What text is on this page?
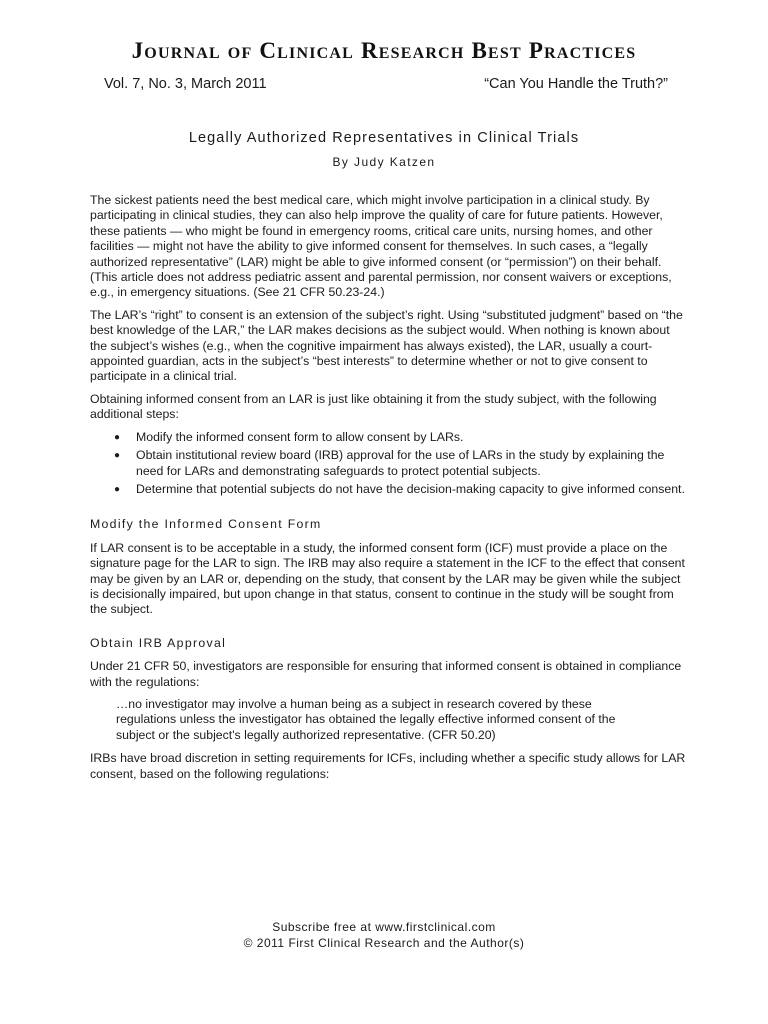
Journal of Clinical Research Best Practices
Vol. 7, No. 3, March 2011	“Can You Handle the Truth?”
Legally Authorized Representatives in Clinical Trials
By Judy Katzen

The sickest patients need the best medical care, which might involve participation in a clinical study. By participating in clinical studies, they can also help improve the quality of care for future patients. However, these patients — who might be found in emergency rooms, critical care units, nursing homes, and other facilities — might not have the ability to give informed consent for themselves. In such cases, a “legally authorized representative” (LAR) might be able to give informed consent (or “permission”) on their behalf. (This article does not address pediatric assent and parental permission, nor consent waivers or exceptions, e.g., in emergency situations. (See 21 CFR 50.23-24.)

The LAR’s “right” to consent is an extension of the subject’s right. Using “substituted judgment” based on “the best knowledge of the LAR,” the LAR makes decisions as the subject would. When nothing is known about the subject’s wishes (e.g., when the cognitive impairment has always existed), the LAR, usually a court-appointed guardian, acts in the subject’s “best interests” to determine whether or not to give consent to participate in a clinical trial.

Obtaining informed consent from an LAR is just like obtaining it from the study subject, with the following additional steps:

● Modify the informed consent form to allow consent by LARs.
● Obtain institutional review board (IRB) approval for the use of LARs in the study by explaining the need for LARs and demonstrating safeguards to protect potential subjects.
● Determine that potential subjects do not have the decision-making capacity to give informed consent.
Modify the Informed Consent Form

If LAR consent is to be acceptable in a study, the informed consent form (ICF) must provide a place on the signature page for the LAR to sign. The IRB may also require a statement in the ICF to the effect that consent may be given by an LAR or, depending on the study, that consent by the LAR may be given while the subject is decisionally impaired, but upon change in that status, consent to continue in the study will be sought from the subject.

Obtain IRB Approval

Under 21 CFR 50, investigators are responsible for ensuring that informed consent is obtained in compliance with the regulations:

…no investigator may involve a human being as a subject in research covered by these regulations unless the investigator has obtained the legally effective informed consent of the subject or the subject's legally authorized representative. (CFR 50.20)

IRBs have broad discretion in setting requirements for ICFs, including whether a specific study allows for LAR consent, based on the following regulations:

Subscribe free at www.firstclinical.com
© 2011 First Clinical Research and the Author(s)
